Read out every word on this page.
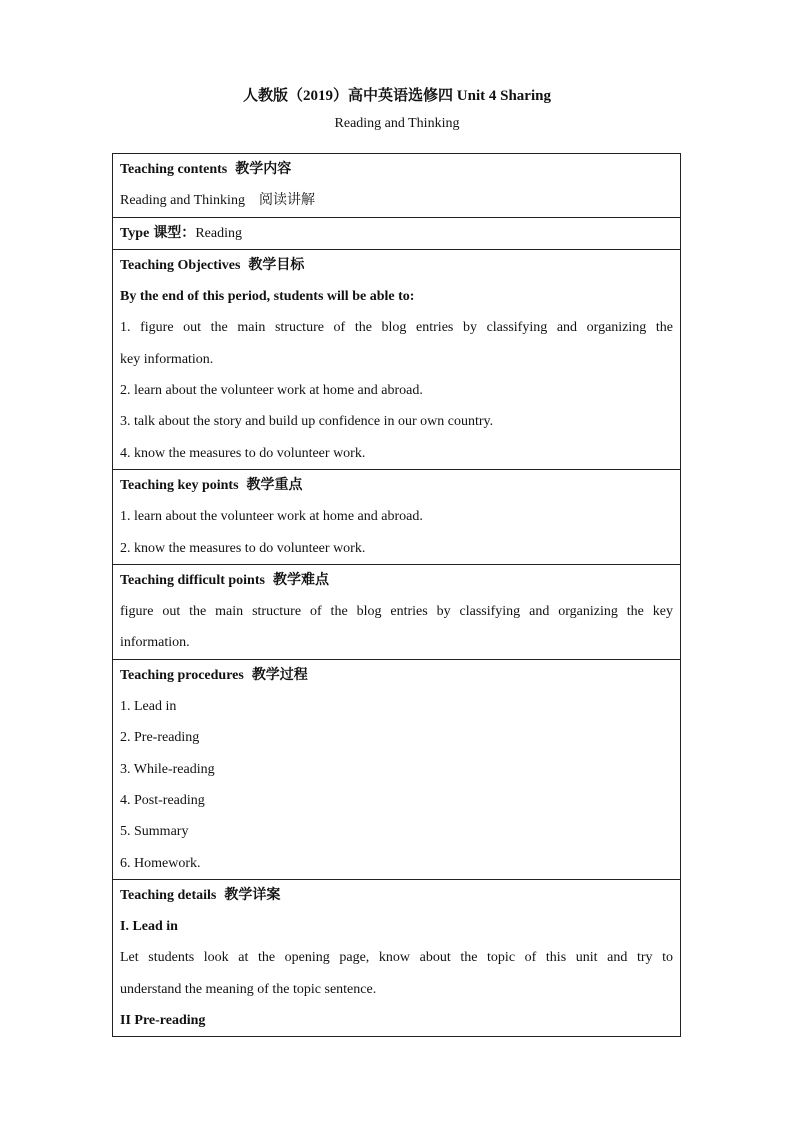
人教版（2019）高中英语选修四 Unit 4 Sharing
Reading and Thinking
Teaching contents 教学内容
Reading and Thinking 阅读讲解

Type 课型：Reading

Teaching Objectives 教学目标
By the end of this period, students will be able to:
1. figure out the main structure of the blog entries by classifying and organizing the
key information.
2. learn about the volunteer work at home and abroad.
3. talk about the story and build up confidence in our own country.
4. know the measures to do volunteer work.

Teaching key points 教学重点
1. learn about the volunteer work at home and abroad.
2. know the measures to do volunteer work.

Teaching difficult points 教学难点
figure out the main structure of the blog entries by classifying and organizing the key
information.

Teaching procedures 教学过程
1. Lead in
2. Pre-reading
3. While-reading
4. Post-reading
5. Summary
6. Homework.

Teaching details 教学详案
I. Lead in
Let students look at the opening page, know about the topic of this unit and try to
understand the meaning of the topic sentence.
II Pre-reading
